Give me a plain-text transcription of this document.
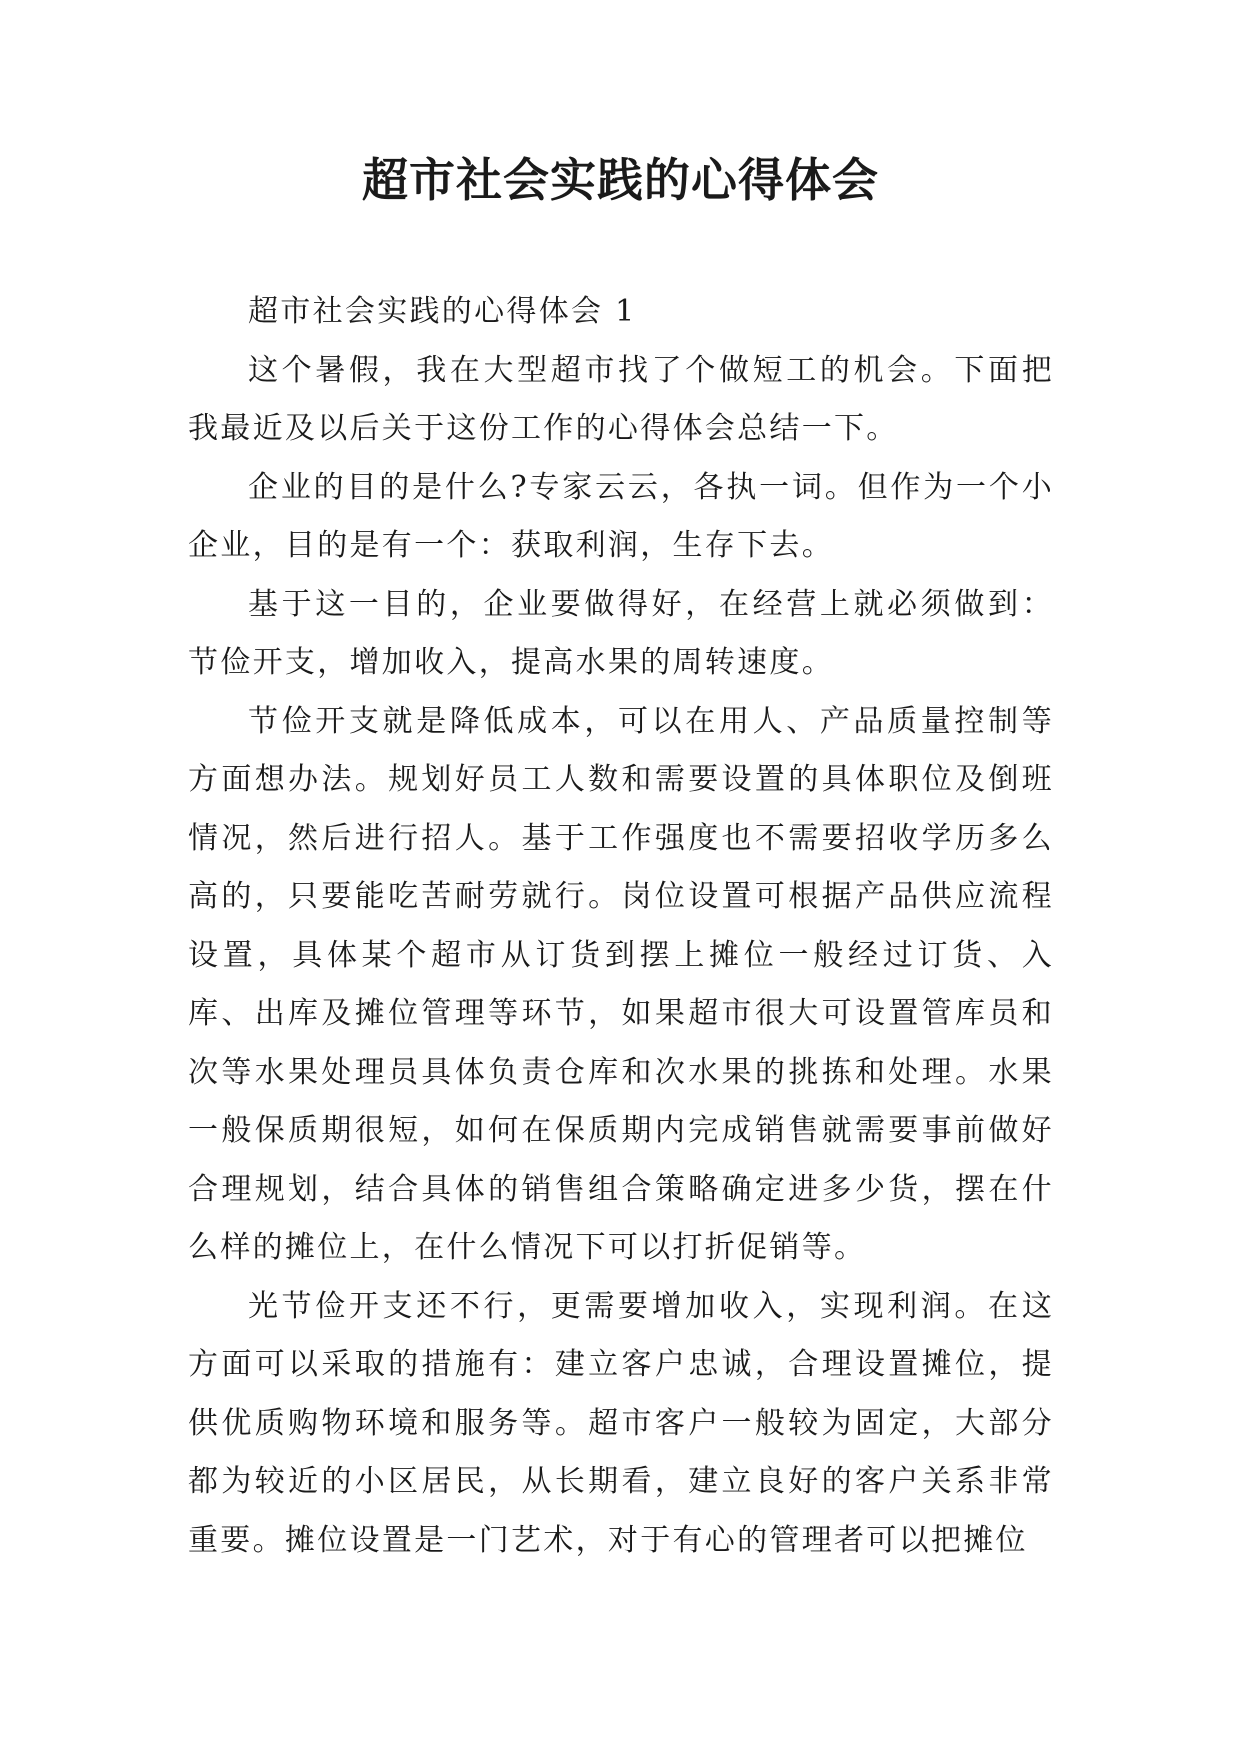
超市社会实践的心得体会

超市社会实践的心得体会 1

这个暑假，我在大型超市找了个做短工的机会。下面把我最近及以后关于这份工作的心得体会总结一下。

企业的目的是什么?专家云云，各执一词。但作为一个小企业，目的是有一个：获取利润，生存下去。

基于这一目的，企业要做得好，在经营上就必须做到：节俭开支，增加收入，提高水果的周转速度。

节俭开支就是降低成本，可以在用人、产品质量控制等方面想办法。规划好员工人数和需要设置的具体职位及倒班情况，然后进行招人。基于工作强度也不需要招收学历多么高的，只要能吃苦耐劳就行。岗位设置可根据产品供应流程设置，具体某个超市从订货到摆上摊位一般经过订货、入库、出库及摊位管理等环节，如果超市很大可设置管库员和次等水果处理员具体负责仓库和次水果的挑拣和处理。水果一般保质期很短，如何在保质期内完成销售就需要事前做好合理规划，结合具体的销售组合策略确定进多少货，摆在什么样的摊位上，在什么情况下可以打折促销等。

光节俭开支还不行，更需要增加收入，实现利润。在这方面可以采取的措施有：建立客户忠诚，合理设置摊位，提供优质购物环境和服务等。超市客户一般较为固定，大部分都为较近的小区居民，从长期看，建立良好的客户关系非常重要。摊位设置是一门艺术，对于有心的管理者可以把摊位
